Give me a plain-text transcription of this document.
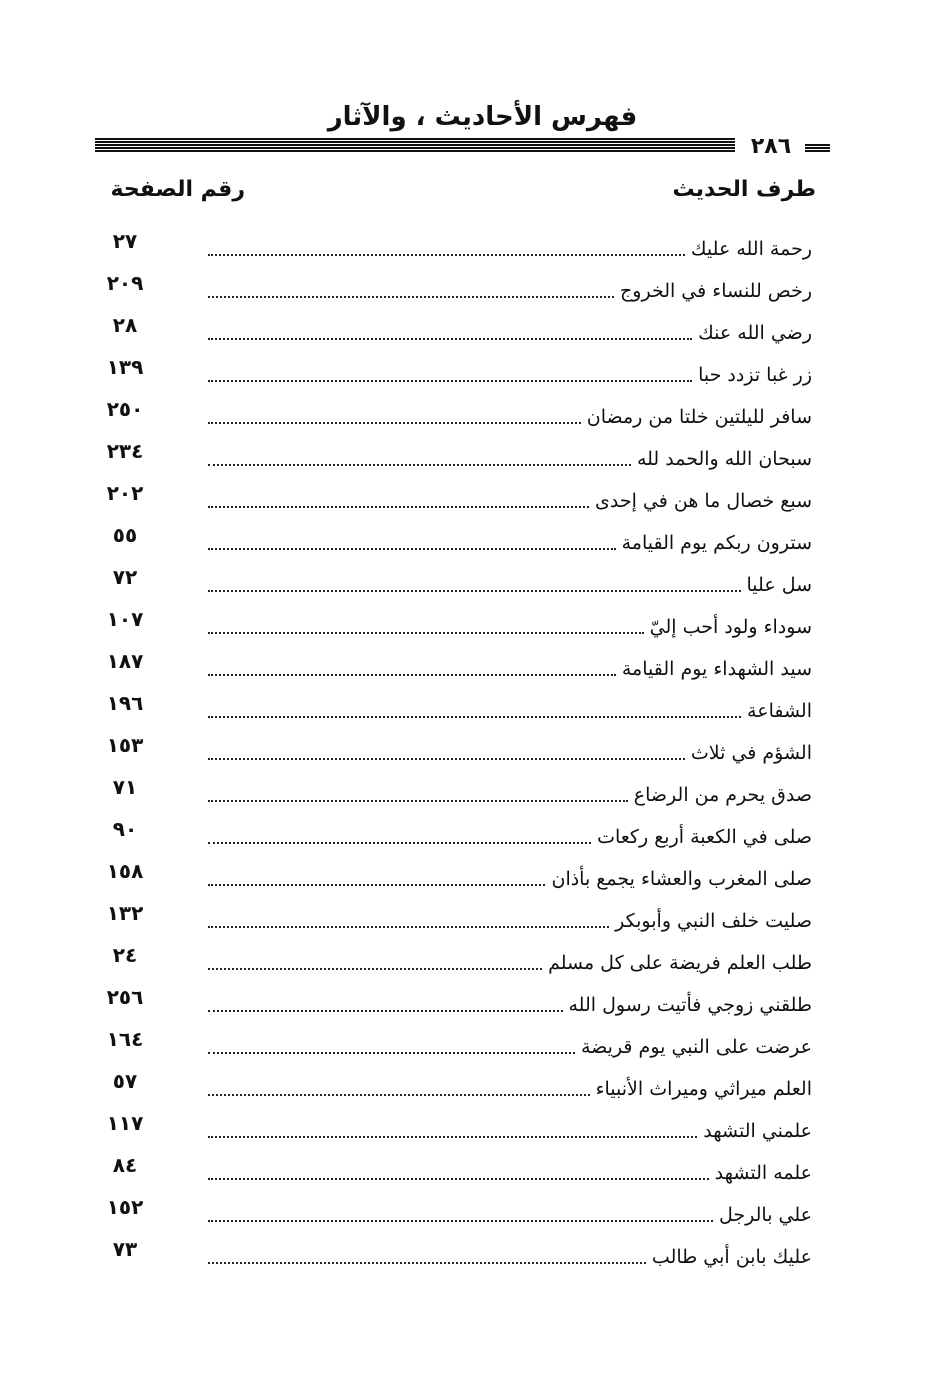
فهرس الأحاديث ، والآثار
٢٨٦
طرف الحديث
رقم الصفحة
٢٧	رحمة الله عليك
٢٠٩	رخص للنساء في الخروج
٢٨	رضي الله عنك
١٣٩	زر غبا تزدد حبا
٢٥٠	سافر لليلتين خلتا من رمضان
٢٣٤	سبحان الله والحمد لله
٢٠٢	سبع خصال ما هن في إحدى
٥٥	سترون ربكم يوم القيامة
٧٢	سل عليا
١٠٧	سوداء ولود أحب إليّ
١٨٧	سيد الشهداء يوم القيامة
١٩٦	الشفاعة
١٥٣	الشؤم في ثلاث
٧١	صدق يحرم من الرضاع
٩٠	صلى في الكعبة أربع ركعات
١٥٨	صلى المغرب والعشاء يجمع بأذان
١٣٢	صليت خلف النبي وأبوبكر
٢٤	طلب العلم فريضة على كل مسلم
٢٥٦	طلقني زوجي فأتيت رسول الله
١٦٤	عرضت على النبي يوم قريضة
٥٧	العلم ميراثي وميراث الأنبياء
١١٧	علمني التشهد
٨٤	علمه التشهد
١٥٢	علي بالرجل
٧٣	عليك بابن أبي طالب
